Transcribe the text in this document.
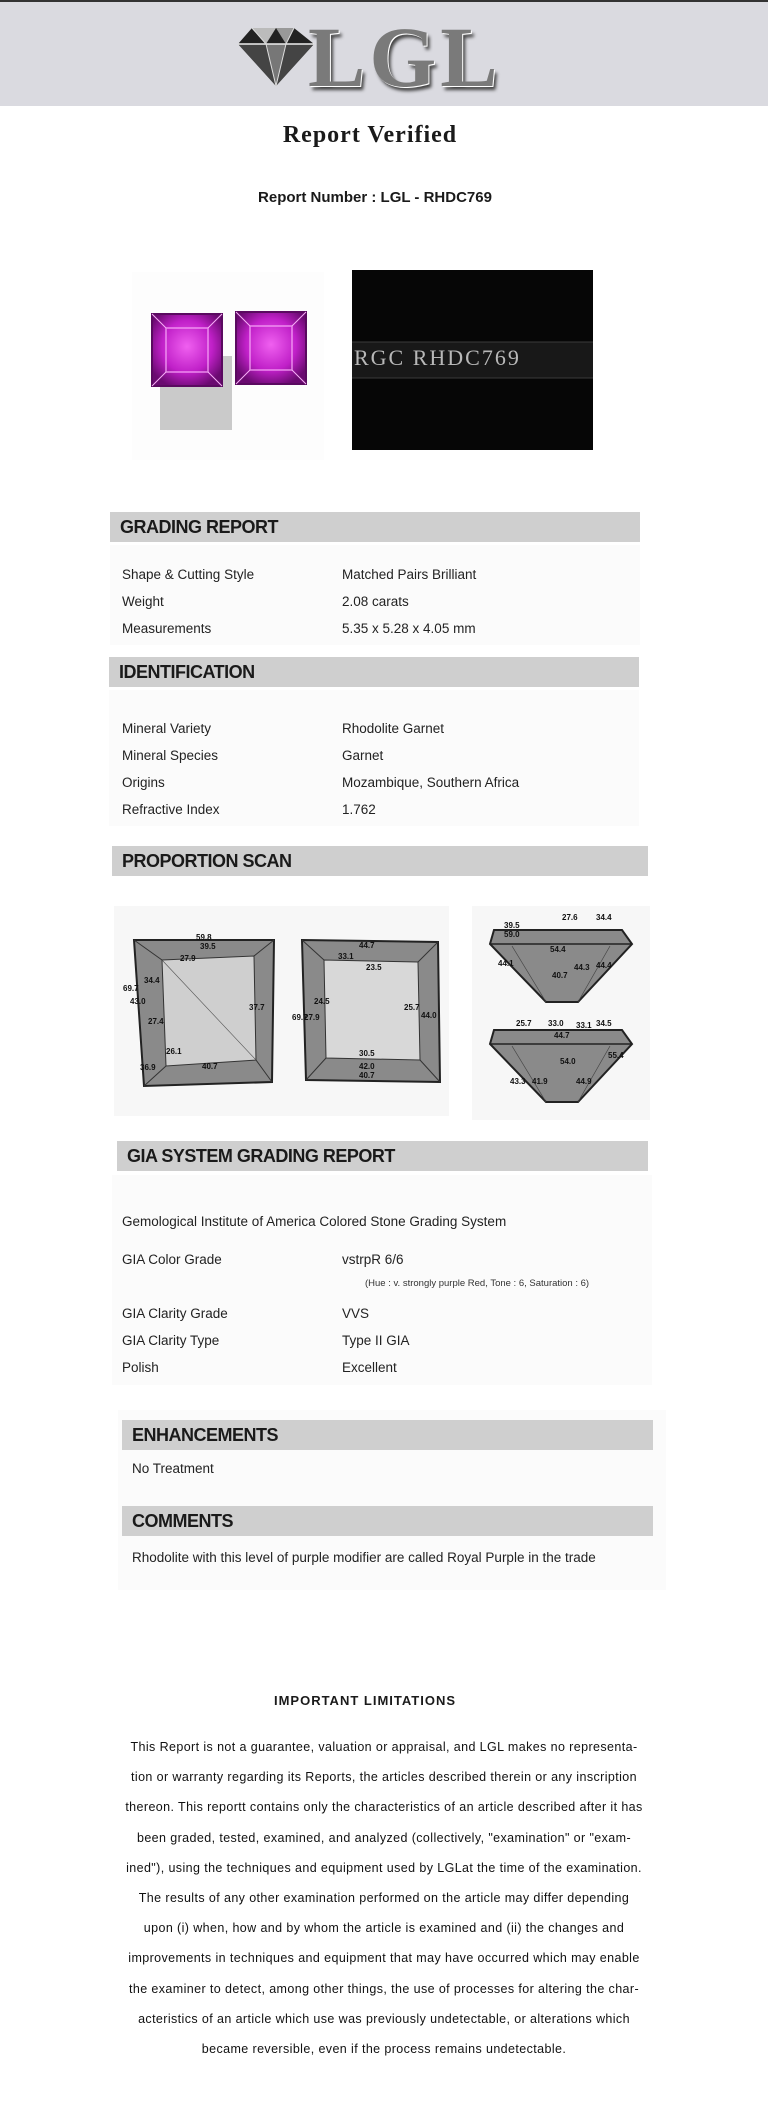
LGL
Report Verified
Report Number : LGL - RHDC769
RGC RHDC769
GRADING REPORT
Shape & Cutting Style	Matched Pairs Brilliant
Weight	2.08 carats
Measurements	5.35 x 5.28 x 4.05 mm
IDENTIFICATION
Mineral Variety	Rhodolite Garnet
Mineral Species	Garnet
Origins	Mozambique, Southern Africa
Refractive Index	1.762
PROPORTION SCAN
59.8
39.5
27.9
34.4
69.7
43.0
37.7
27.4
26.1
36.9	40.7
44.7
33.1
23.5
24.5
69.7
27.9
25.7
44.0
30.5
42.0
40.7
27.6
39.5
59.0
34.4
54.4
44.1
40.7
44.3 44.4
25.7 33.0 33.1 34.5
44.7
54.0
43.3 41.9	44.9
55.4
GIA SYSTEM GRADING REPORT
Gemological Institute of America Colored Stone Grading System
GIA Color Grade	vstrpR 6/6
(Hue : v. strongly purple Red, Tone : 6, Saturation : 6)
GIA Clarity Grade	VVS
GIA Clarity Type	Type II GIA
Polish	Excellent
ENHANCEMENTS
No Treatment
COMMENTS
Rhodolite with this level of purple modifier are called Royal Purple in the trade
IMPORTANT LIMITATIONS
This Report is not a guarantee, valuation or appraisal, and LGL makes no representa-
tion or warranty regarding its Reports, the articles described therein or any inscription
thereon. This reportt contains only the characteristics of an article described after it has
been graded, tested, examined, and analyzed (collectively, "examination" or "exam-
ined"), using the techniques and equipment used by LGLat the time of the examination.
The results of any other examination performed on the article may differ depending
upon (i) when, how and by whom the article is examined and (ii) the changes and
improvements in techniques and equipment that may have occurred which may enable
the examiner to detect, among other things, the use of processes for altering the char-
acteristics of an article which use was previously undetectable, or alterations which
became reversible, even if the process remains undetectable.
